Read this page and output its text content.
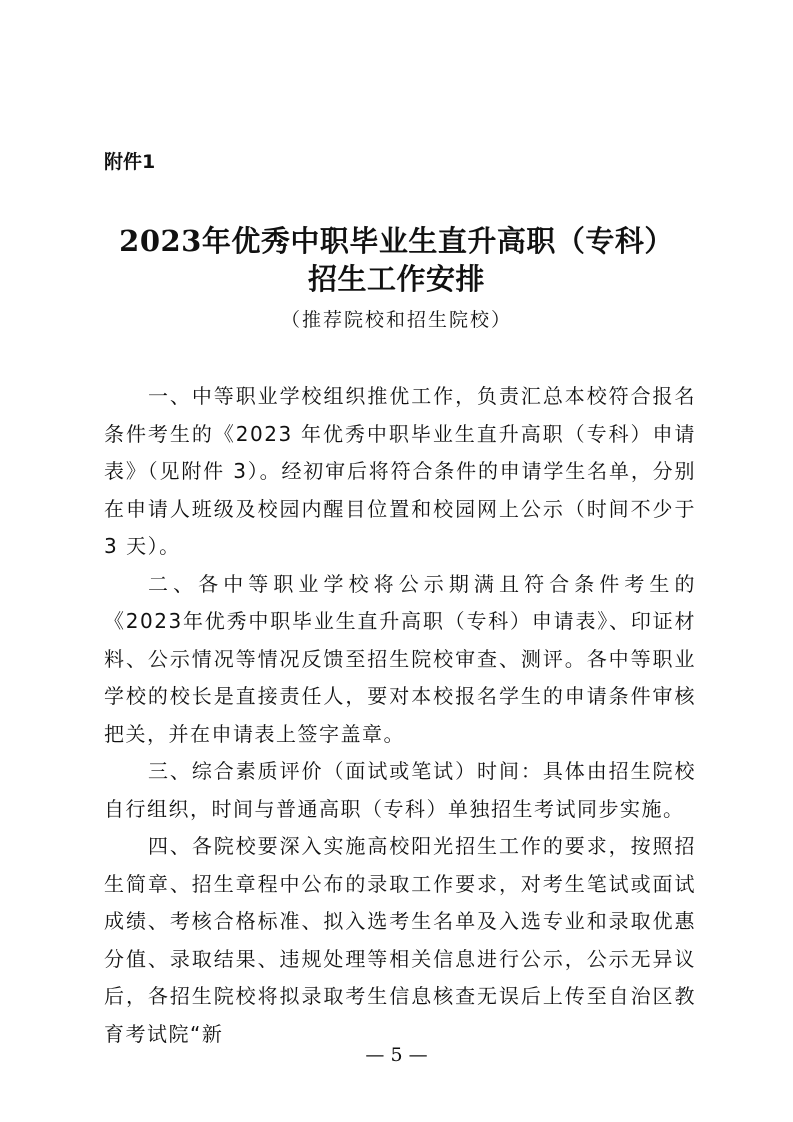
附件1
2023年优秀中职毕业生直升高职（专科）
招生工作安排
（推荐院校和招生院校）

一、中等职业学校组织推优工作，负责汇总本校符合报名条件考生的《2023 年优秀中职毕业生直升高职（专科）申请表》（见附件 3）。经初审后将符合条件的申请学生名单，分别在申请人班级及校园内醒目位置和校园网上公示（时间不少于 3 天）。

二、各中等职业学校将公示期满且符合条件考生的《2023年优秀中职毕业生直升高职（专科）申请表》、印证材料、公示情况等情况反馈至招生院校审查、测评。各中等职业学校的校长是直接责任人，要对本校报名学生的申请条件审核把关，并在申请表上签字盖章。

三、综合素质评价（面试或笔试）时间：具体由招生院校自行组织，时间与普通高职（专科）单独招生考试同步实施。

四、各院校要深入实施高校阳光招生工作的要求，按照招生简章、招生章程中公布的录取工作要求，对考生笔试或面试成绩、考核合格标准、拟入选考生名单及入选专业和录取优惠分值、录取结果、违规处理等相关信息进行公示，公示无异议后，各招生院校将拟录取考生信息核查无误后上传至自治区教育考试院“新

— 5 —
